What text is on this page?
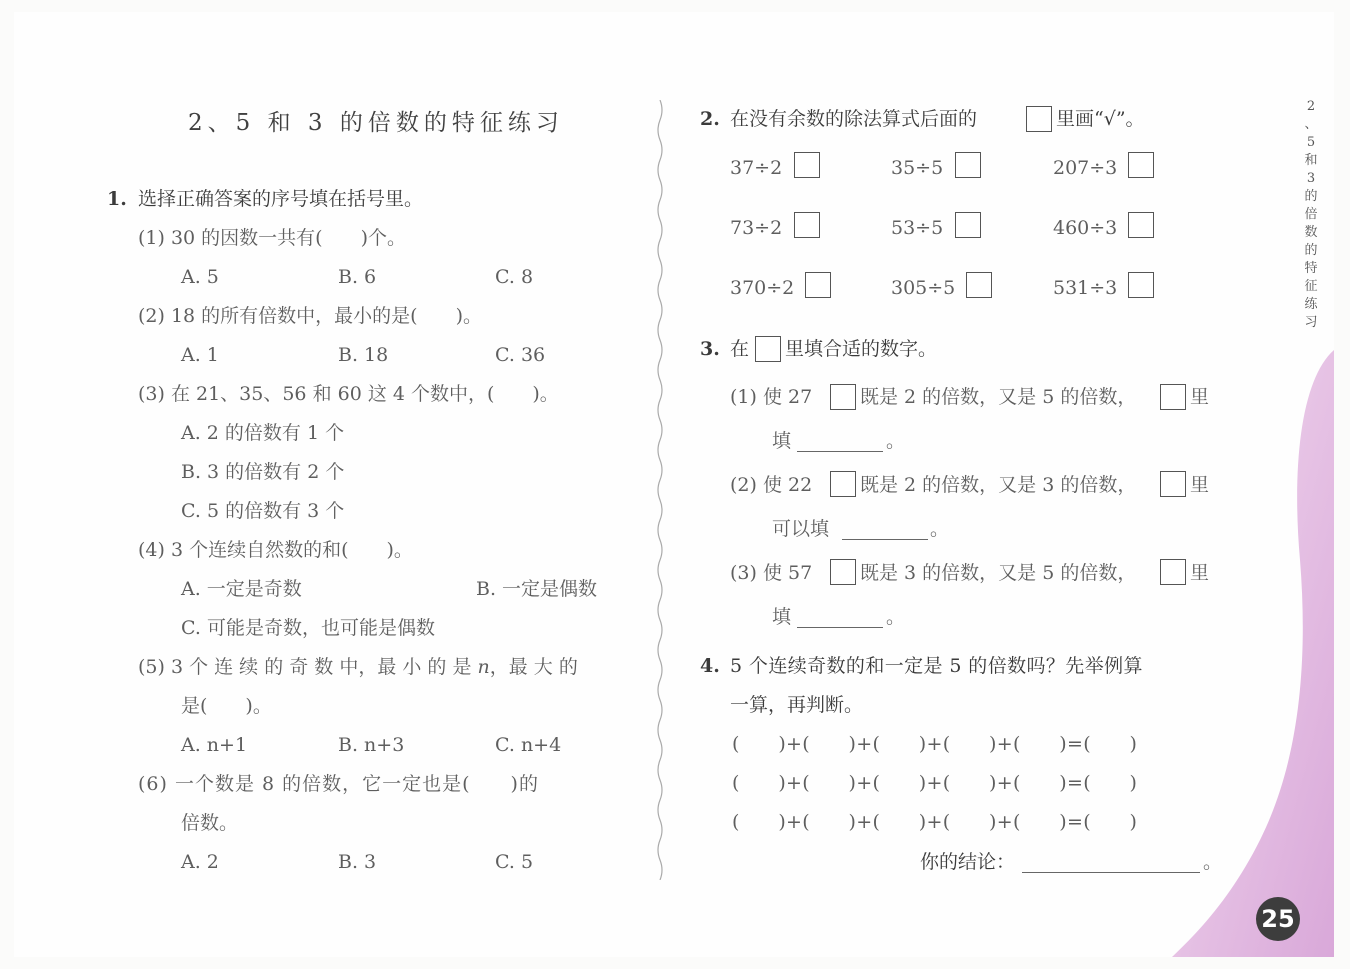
2、5 和 3 的倍数的特征练习
1. 选择正确答案的序号填在括号里。
(1) 30 的因数一共有(　　)个。
A. 5	B. 6	C. 8
(2) 18 的所有倍数中，最小的是(　　)。
A. 1	B. 18	C. 36
(3) 在 21、35、56 和 60 这 4 个数中，(　　)。
A. 2 的倍数有 1 个
B. 3 的倍数有 2 个
C. 5 的倍数有 3 个
(4) 3 个连续自然数的和(　　)。
A. 一定是奇数	B. 一定是偶数
C. 可能是奇数，也可能是偶数
(5) 3 个 连 续 的 奇 数 中，最 小 的 是 n，最 大 的
是(　　)。
A. n+1	B. n+3	C. n+4
(6) 一个数是 8 的倍数，它一定也是(　　)的
倍数。
A. 2	B. 3	C. 5
2. 在没有余数的除法算式后面的	里画“√”。
37÷2	35÷5	207÷3
73÷2	53÷5	460÷3
370÷2	305÷5	531÷3
3. 在 里填合适的数字。
(1) 使 27	既是 2 的倍数，又是 5 的倍数，	里
填	。
(2) 使 22	既是 2 的倍数，又是 3 的倍数，	里
可以填	。
(3) 使 57	既是 3 的倍数，又是 5 的倍数，	里
填	。
4. 5 个连续奇数的和一定是 5 的倍数吗？先举例算
一算，再判断。
(　　)+(　　)+(　　)+(　　)+(　　)=(　　)
(　　)+(　　)+(　　)+(　　)+(　　)=(　　)
(　　)+(　　)+(　　)+(　　)+(　　)=(　　)
你的结论：	。
2
、
5
和
3
的
倍
数
的
特
征
练
习
25
